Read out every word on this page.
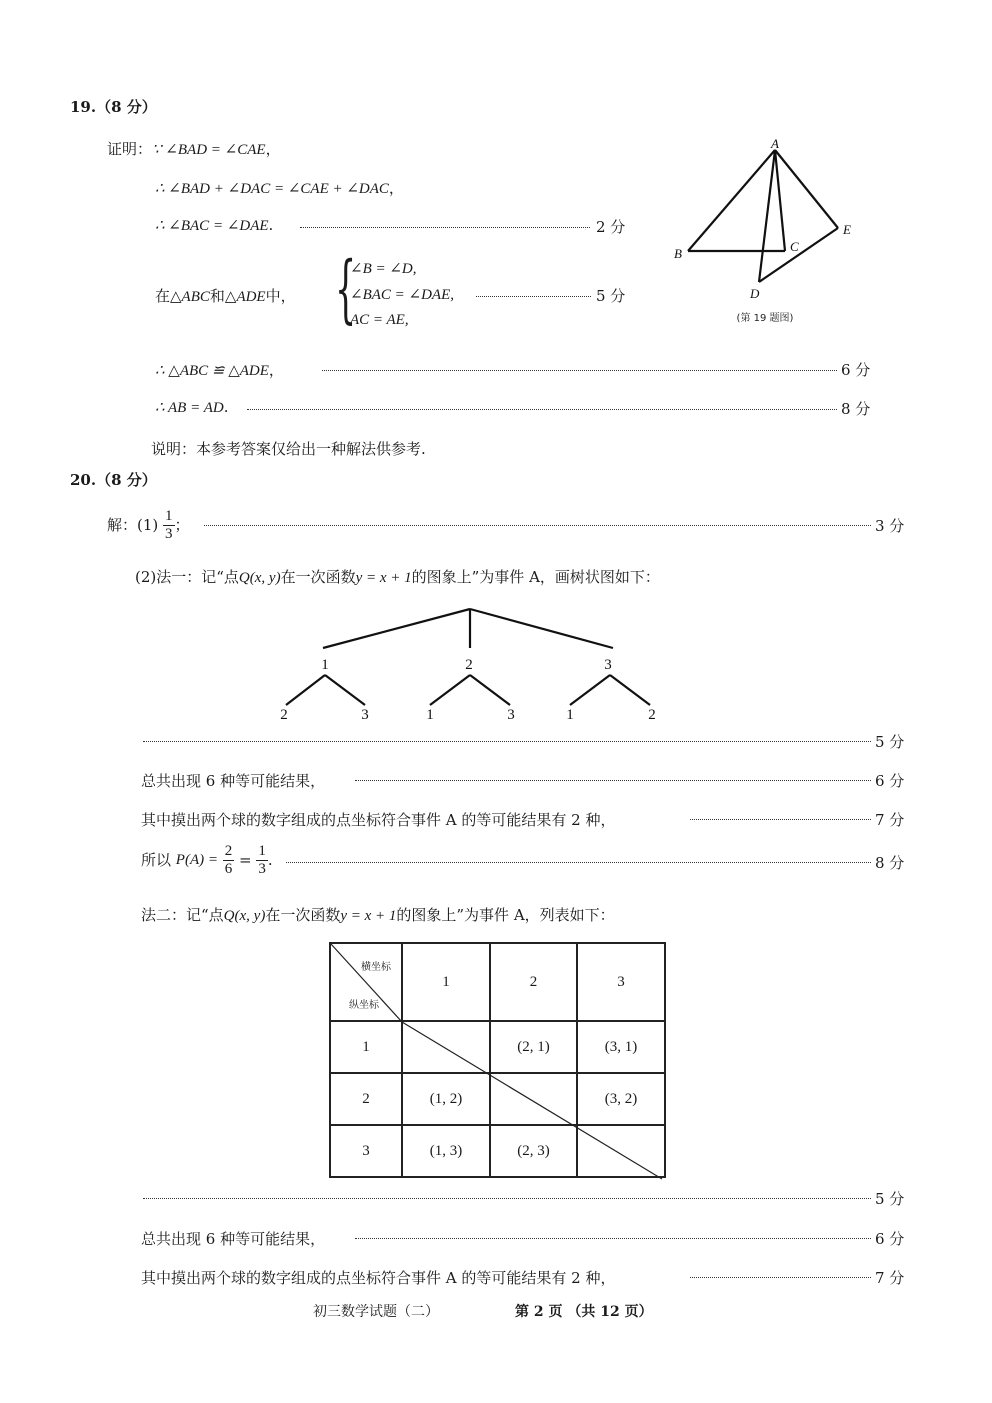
19.（8 分）
证明：∵ ∠BAD = ∠CAE，
∴ ∠BAD + ∠DAC = ∠CAE + ∠DAC，
∴ ∠BAC = ∠DAE.	2 分
在△ABC和△ADE中， {
∠B = ∠D,
∠BAC = ∠DAE,
AC = AE,
5 分
∴ △ABC ≌ △ADE，	6 分
∴ AB = AD.	8 分
说明：本参考答案仅给出一种解法供参考.
A
B	C
D
E
(第 19 题图)
20.（8 分）
解：$(1) \frac{1}{3}$ ；	3 分
(2)法一：记“点Q(x, y)在一次函数y = x + 1的图象上”为事件 A，画树状图如下：
1	2	3
2	3	1	3	1	2
5 分
总共出现 6 种等可能结果，	6 分
其中摸出两个球的数字组成的点坐标符合事件 A 的等可能结果有 2 种，	7 分
所以 $P(A) = \frac{2}{6} = \frac{1}{3}$ .	8 分
法二：记“点Q(x, y)在一次函数y = x + 1的图象上”为事件 A，列表如下：
横坐标
纵坐标	1	2	3
1		(2, 1)	(3, 1)
2	(1, 2)		(3, 2)
3	(1, 3)	(2, 3)	
5 分
总共出现 6 种等可能结果，	6 分
其中摸出两个球的数字组成的点坐标符合事件 A 的等可能结果有 2 种，	7 分
初三数学试题（二）	第 2 页 （共 12 页）
